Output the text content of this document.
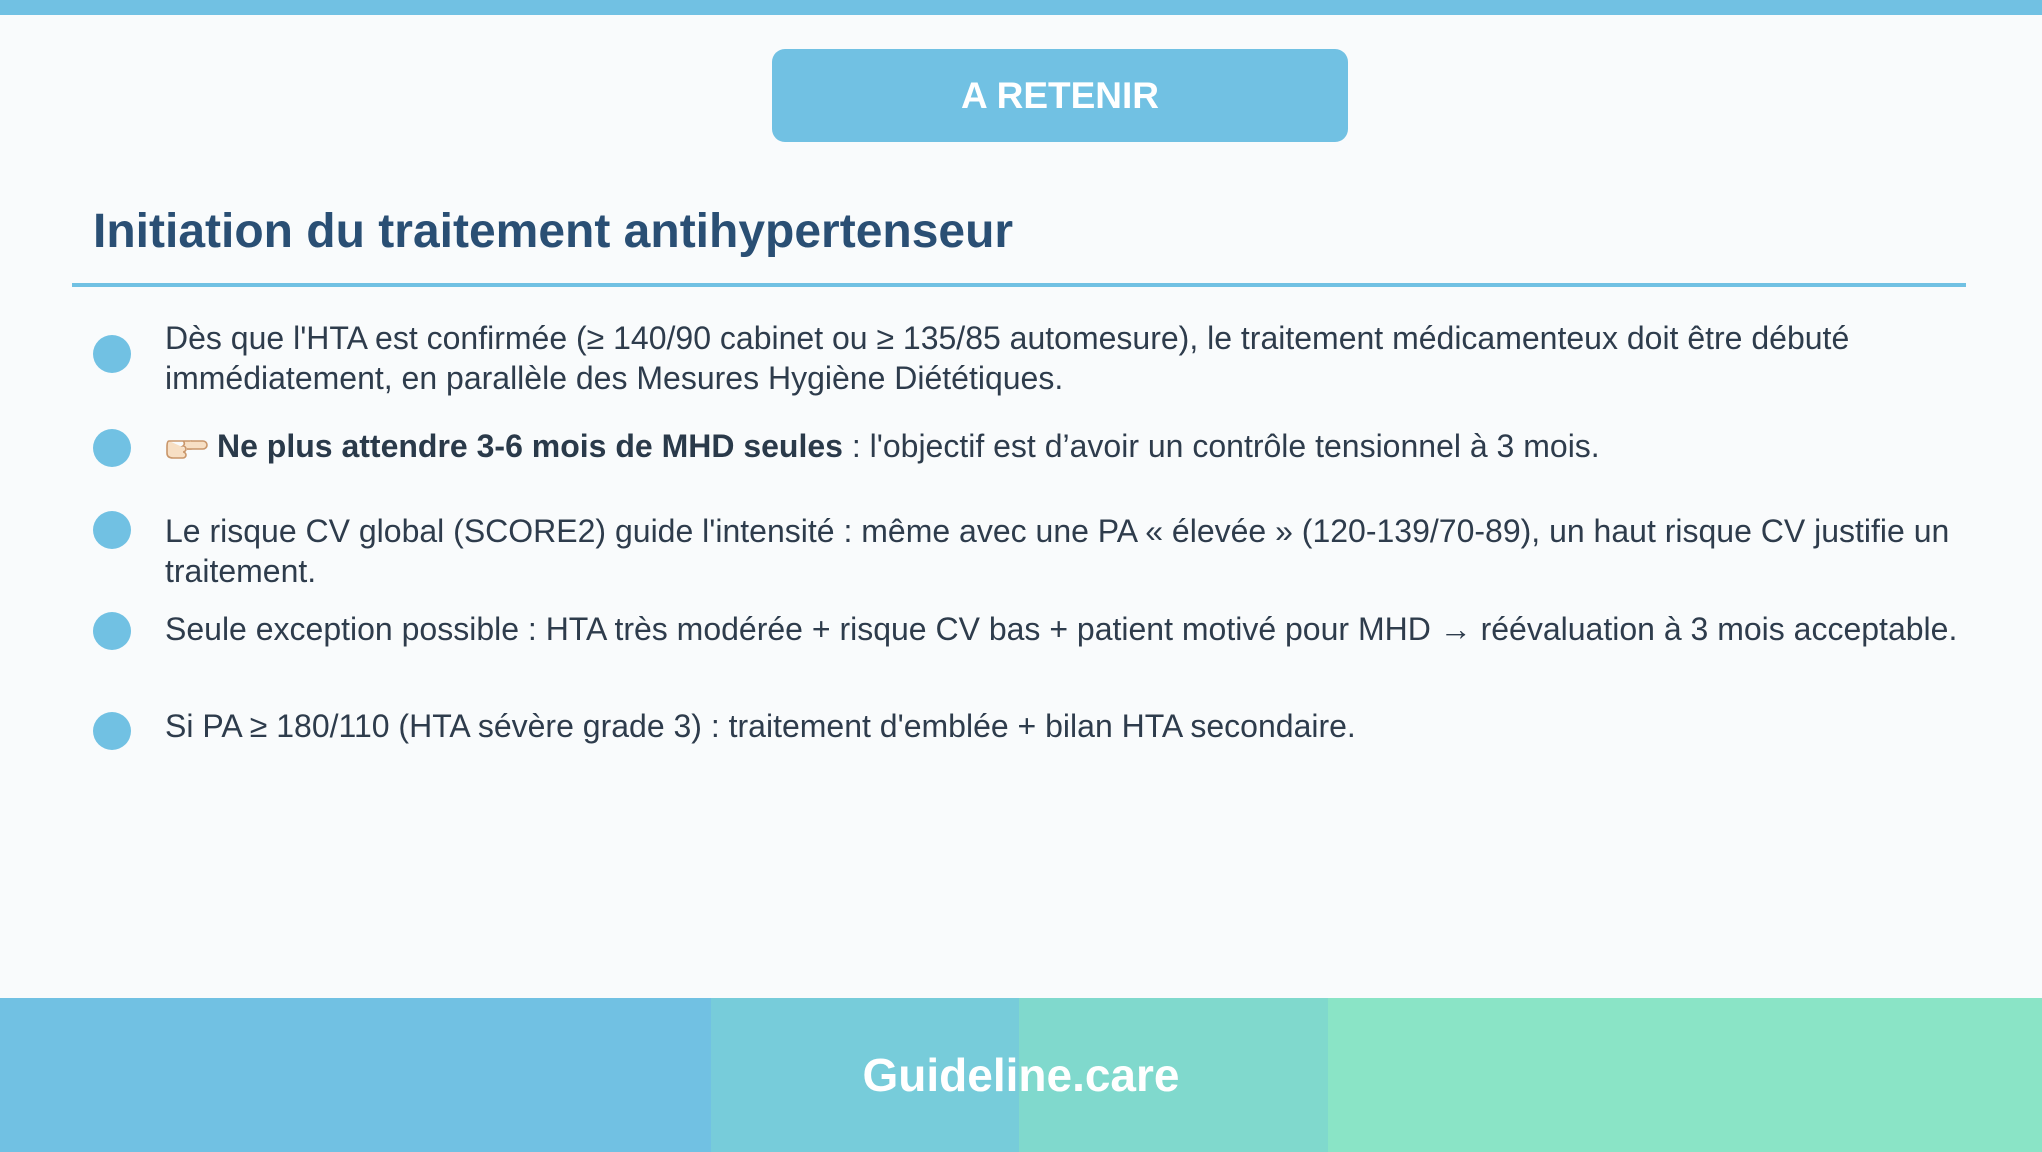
A RETENIR
Initiation du traitement antihypertenseur

Dès que l'HTA est confirmée (≥ 140/90 cabinet ou ≥ 135/85 automesure), le traitement médicamenteux doit être débuté immédiatement, en parallèle des Mesures Hygiène Diététiques.

Ne plus attendre 3-6 mois de MHD seules : l'objectif est d’avoir un contrôle tensionnel à 3 mois.

Le risque CV global (SCORE2) guide l'intensité : même avec une PA « élevée » (120-139/70-89), un haut risque CV justifie un traitement.

Seule exception possible : HTA très modérée + risque CV bas + patient motivé pour MHD → réévaluation à 3 mois acceptable.

Si PA ≥ 180/110 (HTA sévère grade 3) : traitement d'emblée + bilan HTA secondaire.

Guideline.care
